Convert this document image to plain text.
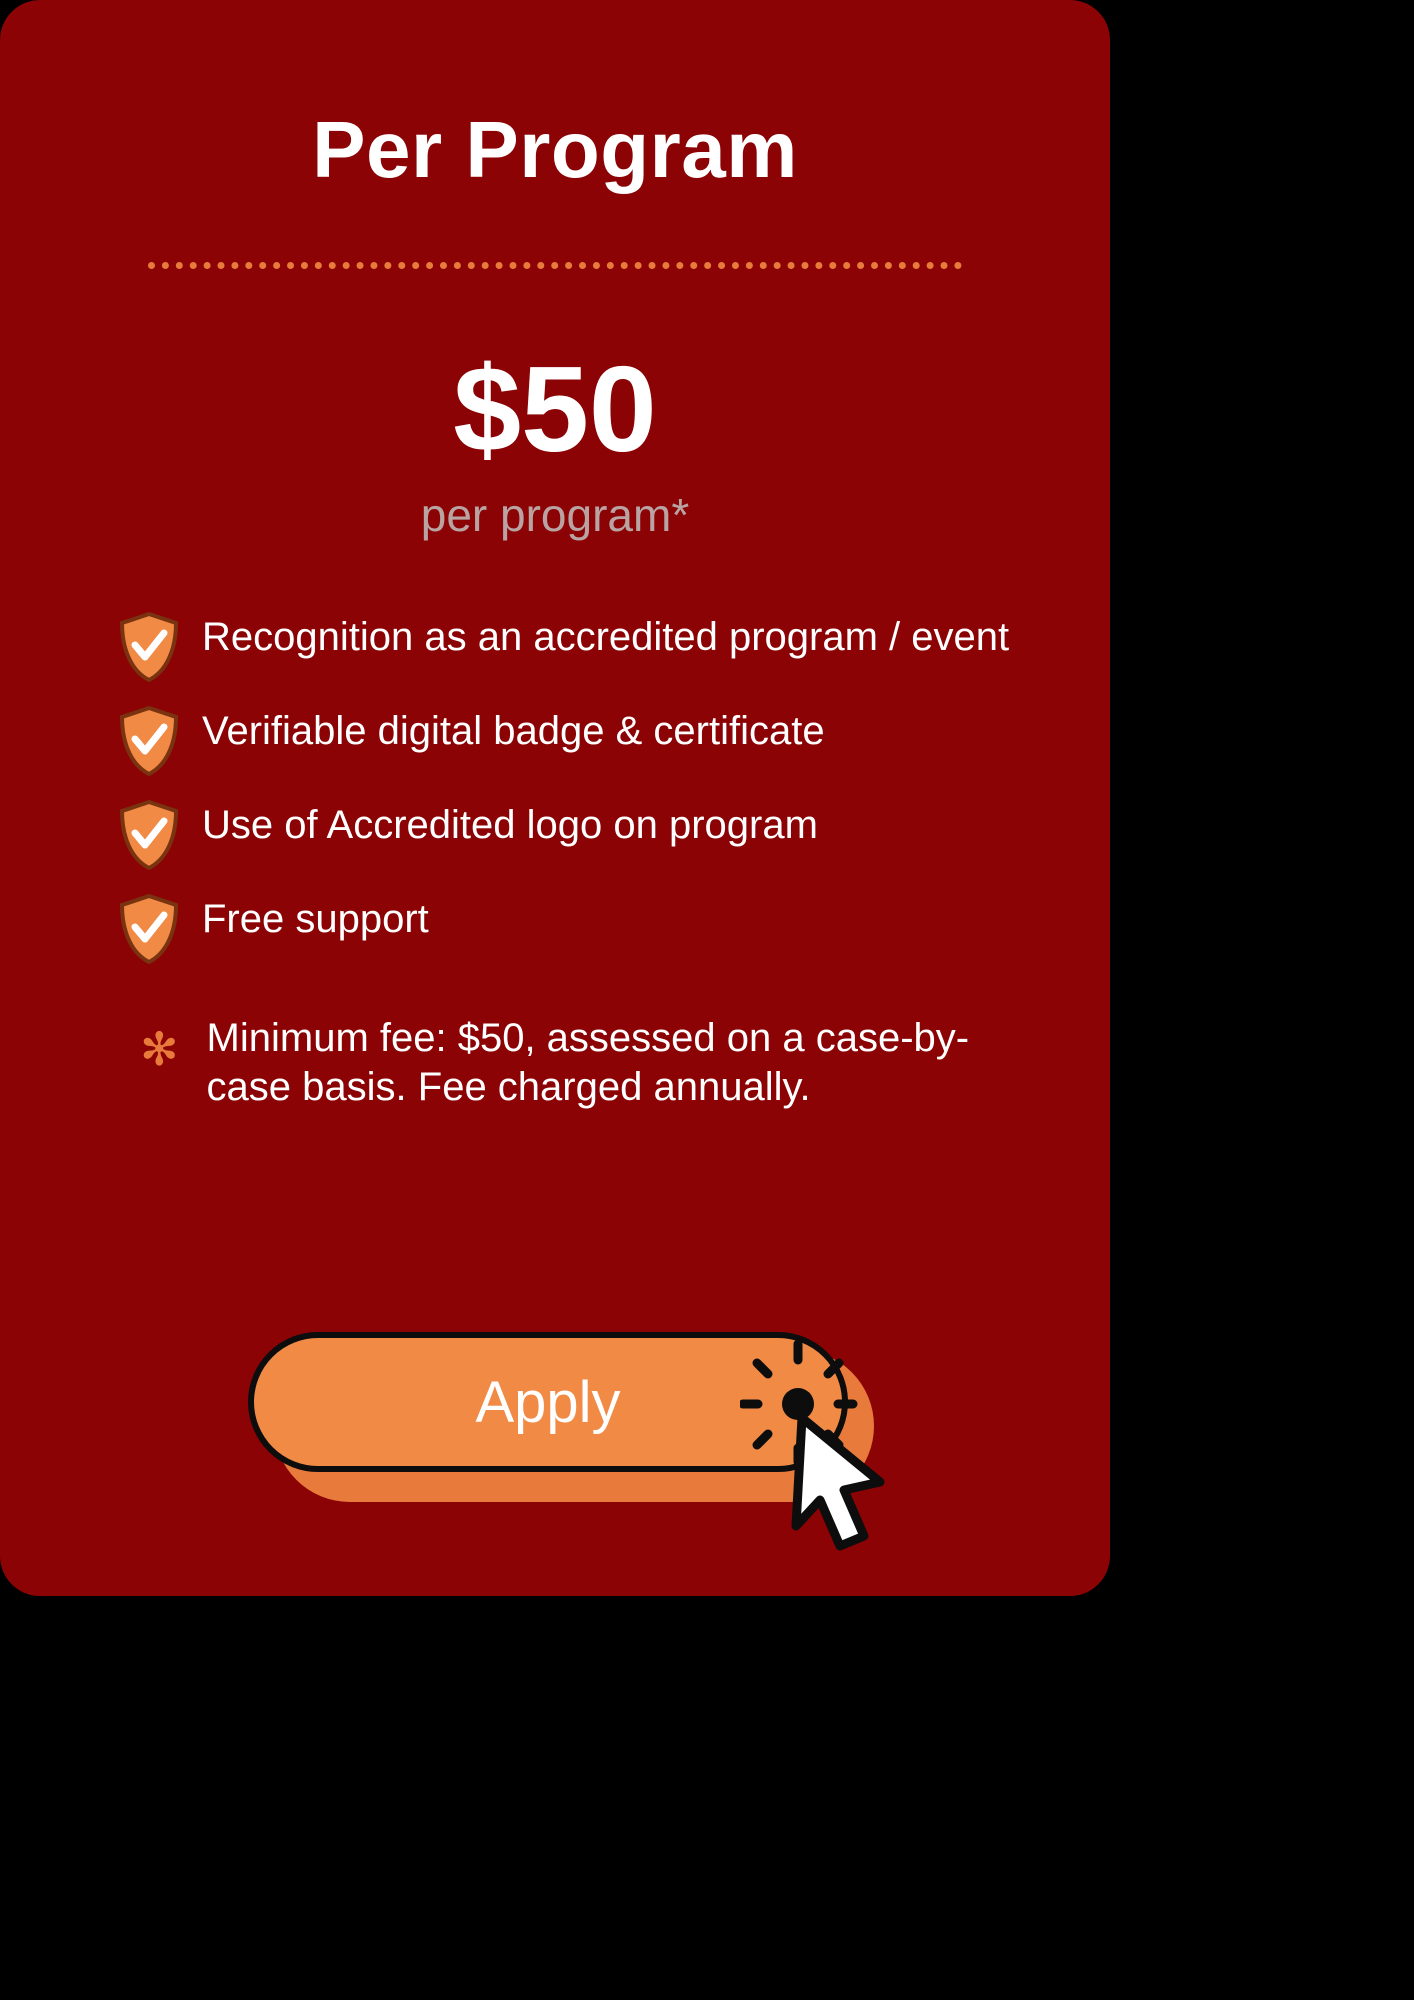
Per Program
$50
per program*
Recognition as an accredited program / event
Verifiable digital badge & certificate
Use of Accredited logo on program
Free support
✻ Minimum fee: $50, assessed on a case-by-case basis. Fee charged annually.
Apply
